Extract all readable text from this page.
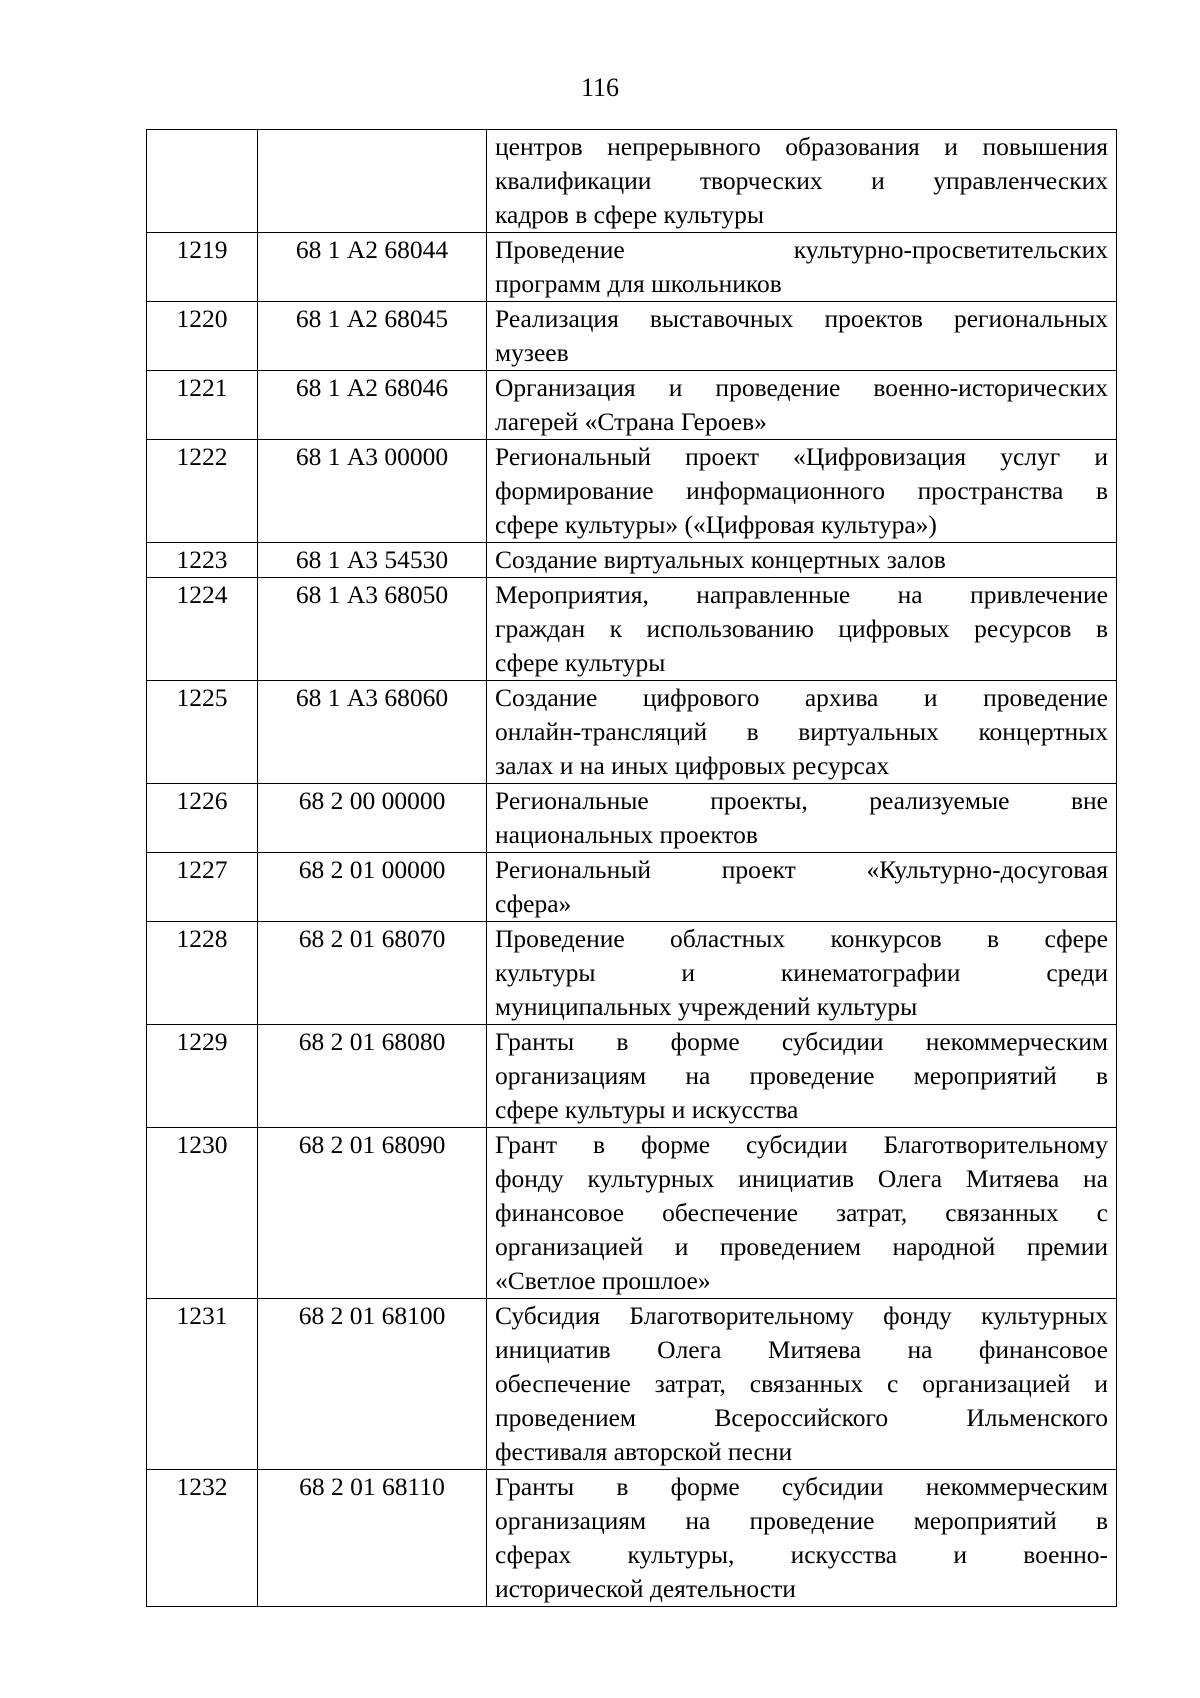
116

		центров непрерывного образования и повышения
квалификации творческих и управленческих
кадров в сфере культуры

1219	68 1 А2 68044	Проведение культурно-просветительских
программ для школьников

1220	68 1 А2 68045	Реализация выставочных проектов региональных
музеев

1221	68 1 А2 68046	Организация и проведение военно-исторических
лагерей «Страна Героев»

1222	68 1 А3 00000	Региональный проект «Цифровизация услуг и
формирование информационного пространства в
сфере культуры» («Цифровая культура»)

1223	68 1 А3 54530	Создание виртуальных концертных залов

1224	68 1 А3 68050	Мероприятия, направленные на привлечение
граждан к использованию цифровых ресурсов в
сфере культуры

1225	68 1 А3 68060	Создание цифрового архива и проведение
онлайн-трансляций в виртуальных концертных
залах и на иных цифровых ресурсах

1226	68 2 00 00000	Региональные проекты, реализуемые вне
национальных проектов

1227	68 2 01 00000	Региональный проект «Культурно-досуговая
сфера»

1228	68 2 01 68070	Проведение областных конкурсов в сфере
культуры и кинематографии среди
муниципальных учреждений культуры

1229	68 2 01 68080	Гранты в форме субсидии некоммерческим
организациям на проведение мероприятий в
сфере культуры и искусства

1230	68 2 01 68090	Грант в форме субсидии Благотворительному
фонду культурных инициатив Олега Митяева на
финансовое обеспечение затрат, связанных с
организацией и проведением народной премии
«Светлое прошлое»

1231	68 2 01 68100	Субсидия Благотворительному фонду культурных
инициатив Олега Митяева на финансовое
обеспечение затрат, связанных с организацией и
проведением Всероссийского Ильменского
фестиваля авторской песни

1232	68 2 01 68110	Гранты в форме субсидии некоммерческим
организациям на проведение мероприятий в
сферах культуры, искусства и военно-
исторической деятельности
